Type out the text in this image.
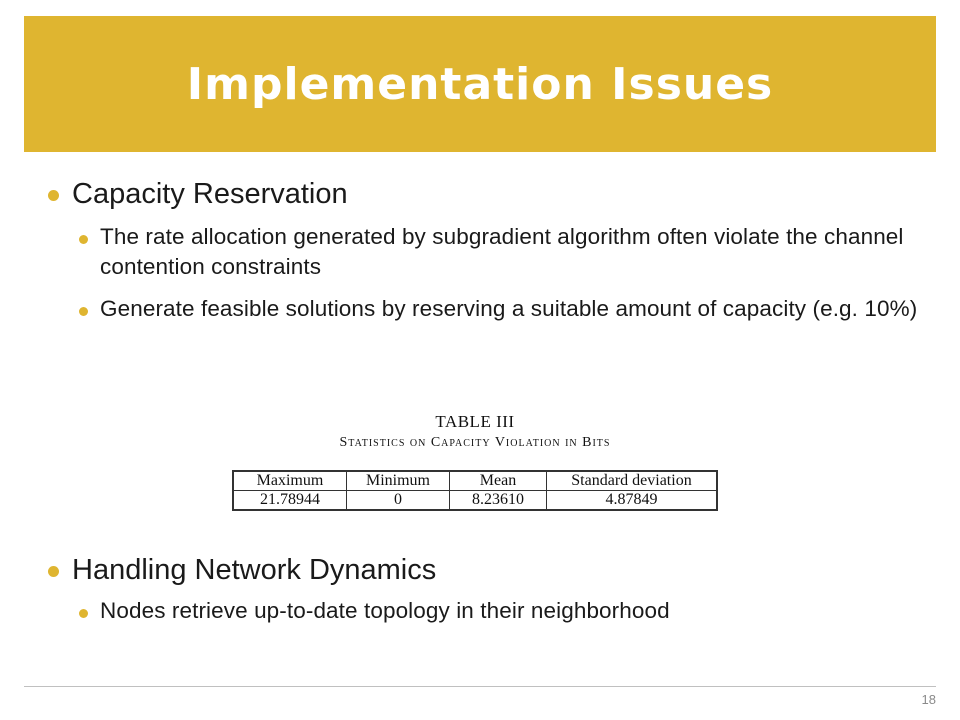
Implementation Issues
Capacity Reservation
The rate allocation generated by subgradient algorithm often violate the channel contention constraints
Generate feasible solutions by reserving a suitable amount of capacity (e.g. 10%)
TABLE III
Statistics on Capacity Violation in Bits
Maximum	Minimum	Mean	Standard deviation
21.78944	0	8.23610	4.87849
Handling Network Dynamics
Nodes retrieve up-to-date topology in their neighborhood
18
